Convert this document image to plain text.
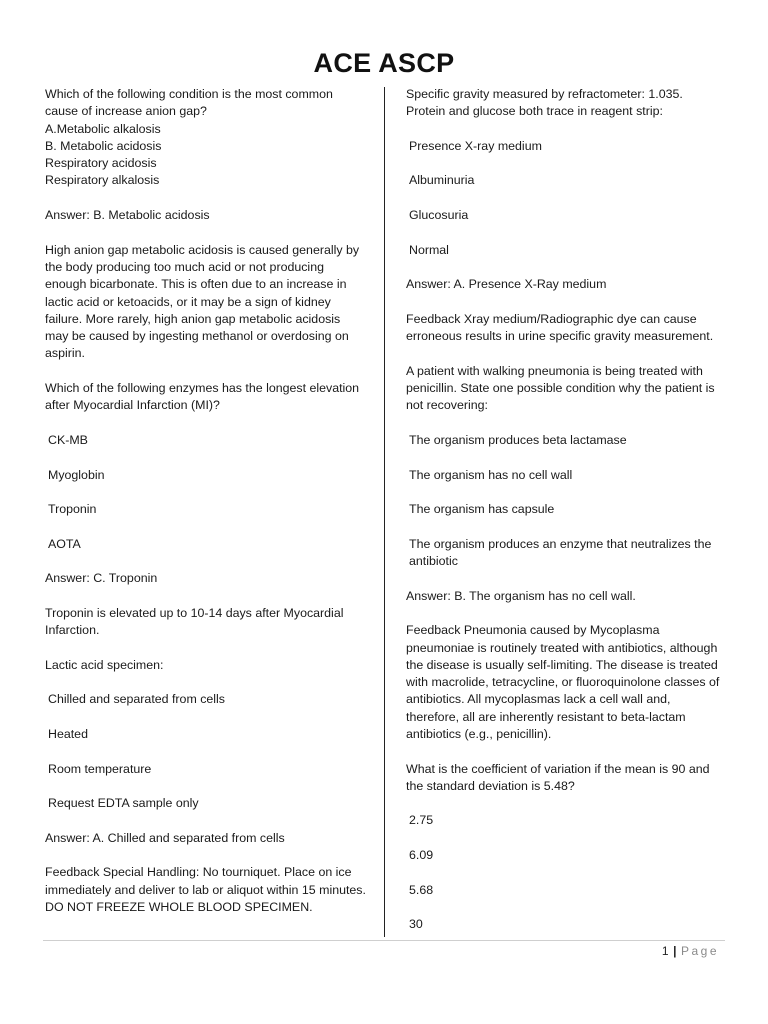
ACE ASCP

Which of the following condition is the most common

cause of increase anion gap?

A.Metabolic alkalosis

B. Metabolic acidosis

Respiratory acidosis

Respiratory alkalosis

Answer: B. Metabolic acidosis

High anion gap metabolic acidosis is caused generally by the body producing too much acid or not producing enough bicarbonate. This is often due to an increase in lactic acid or ketoacids, or it may be a sign of kidney failure. More rarely, high anion gap metabolic acidosis may be caused by ingesting methanol or overdosing on aspirin.

Which of the following enzymes has the longest elevation after Myocardial Infarction (MI)?

CK-MB

Myoglobin

Troponin

AOTA

Answer: C. Troponin

Troponin is elevated up to 10-14 days after Myocardial Infarction.

Lactic acid specimen:

Chilled and separated from cells

Heated

Room temperature

Request EDTA sample only

Answer: A. Chilled and separated from cells

Feedback Special Handling: No tourniquet. Place on ice immediately and deliver to lab or aliquot within 15 minutes. DO NOT FREEZE WHOLE BLOOD SPECIMEN.

Specific gravity measured by refractometer: 1.035.

Protein and glucose both trace in reagent strip:

Presence X-ray medium

Albuminuria

Glucosuria

Normal

Answer: A. Presence X-Ray medium

Feedback Xray medium/Radiographic dye can cause erroneous results in urine specific gravity measurement.

A patient with walking pneumonia is being treated with penicillin. State one possible condition why the patient is not recovering:

The organism produces beta lactamase

The organism has no cell wall

The organism has capsule

The organism produces an enzyme that neutralizes the antibiotic

Answer: B. The organism has no cell wall.

Feedback Pneumonia caused by Mycoplasma pneumoniae is routinely treated with antibiotics, although the disease is usually self-limiting. The disease is treated with macrolide, tetracycline, or fluoroquinolone classes of antibiotics. All mycoplasmas lack a cell wall and, therefore, all are inherently resistant to beta-lactam antibiotics (e.g., penicillin).

What is the coefficient of variation if the mean is 90 and the standard deviation is 5.48?

2.75

6.09

5.68

30

1 | Page
